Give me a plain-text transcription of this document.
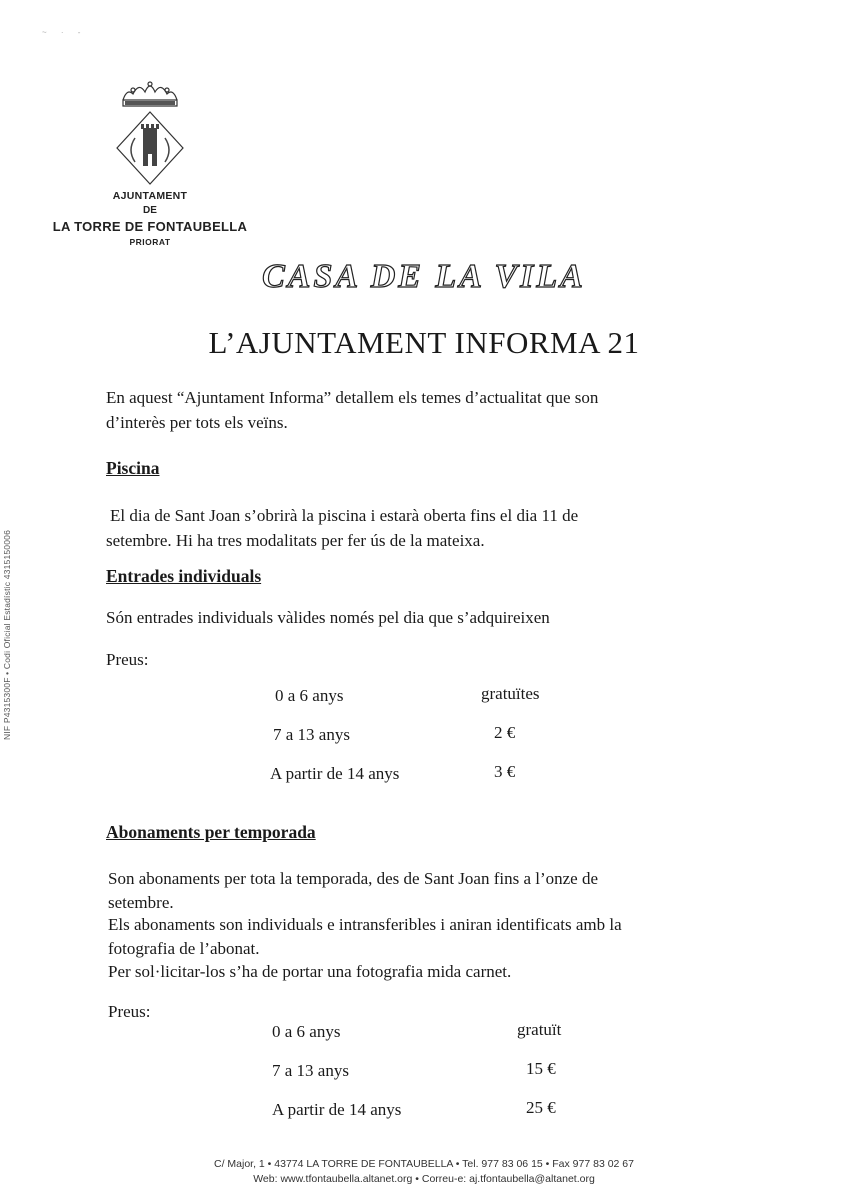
~ · -
NIF P4315300F • Codi Oficial Estadístic 4315150006
AJUNTAMENT
DE
LA TORRE DE FONTAUBELLA
PRIORAT
CASA DE LA VILA
L’AJUNTAMENT INFORMA 21
En aquest “Ajuntament Informa” detallem els temes d’actualitat que son
d’interès per tots els veïns.
Piscina
El dia de Sant Joan s’obrirà la piscina i estarà oberta fins el dia 11 de
setembre. Hi ha tres modalitats per fer ús de la mateixa.
Entrades individuals
Són entrades individuals vàlides només pel dia que s’adquireixen
Preus:
0 a 6 anys	gratuïtes
7 a 13 anys	2 €
A partir de 14 anys	3 €
Abonaments per temporada
Son abonaments per tota la temporada, des de Sant Joan fins a l’onze de
setembre.
Els abonaments son individuals e intransferibles i aniran identificats amb la
fotografia de l’abonat.
Per sol·licitar-los s’ha de portar una fotografia mida carnet.
Preus:
0 a 6 anys	gratuït
7 a 13 anys	15 €
A partir de 14 anys	25 €
C/ Major, 1 • 43774 LA TORRE DE FONTAUBELLA • Tel. 977 83 06 15 • Fax 977 83 02 67
Web: www.tfontaubella.altanet.org • Correu-e: aj.tfontaubella@altanet.org
